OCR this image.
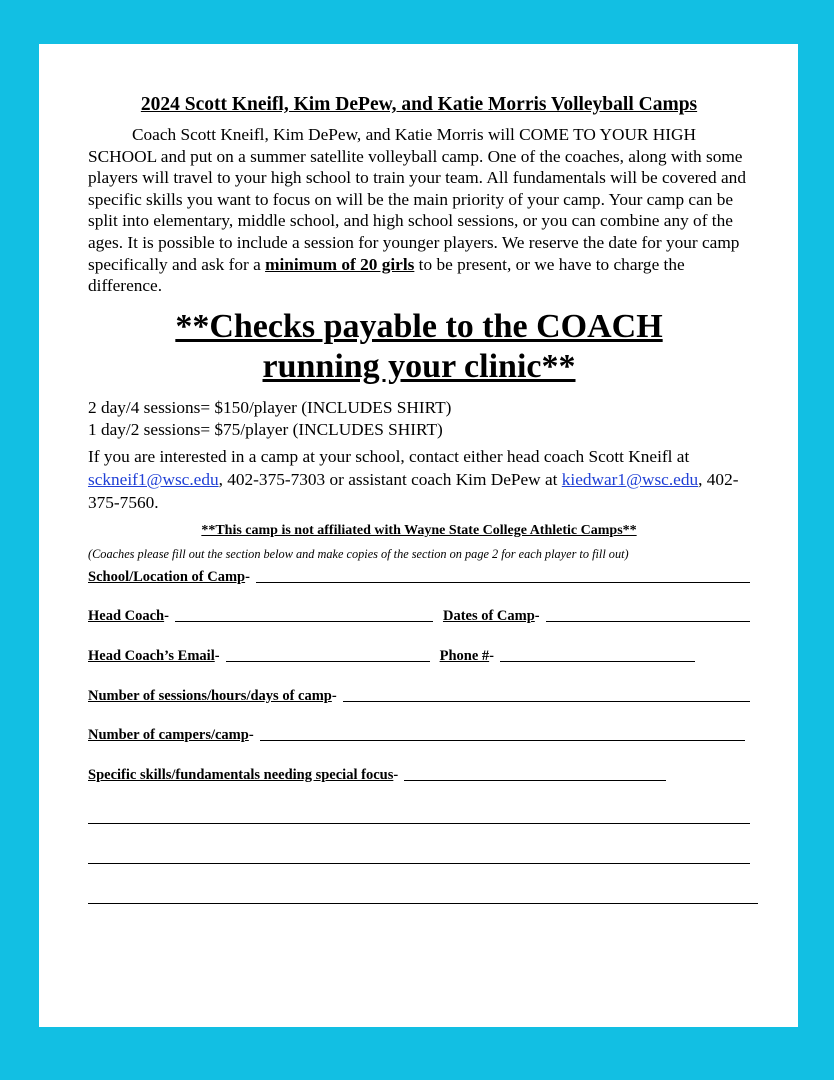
2024 Scott Kneifl, Kim DePew, and Katie Morris Volleyball Camps

Coach Scott Kneifl, Kim DePew, and Katie Morris will COME TO YOUR HIGH SCHOOL and put on a summer satellite volleyball camp. One of the coaches, along with some players will travel to your high school to train your team. All fundamentals will be covered and specific skills you want to focus on will be the main priority of your camp. Your camp can be split into elementary, middle school, and high school sessions, or you can combine any of the ages. It is possible to include a session for younger players. We reserve the date for your camp specifically and ask for a minimum of 20 girls to be present, or we have to charge the difference.

**Checks payable to the COACH
running your clinic**
2 day/4 sessions= $150/player (INCLUDES SHIRT)
1 day/2 sessions= $75/player (INCLUDES SHIRT)

If you are interested in a camp at your school, contact either head coach Scott Kneifl at sckneif1@wsc.edu, 402-375-7303 or assistant coach Kim DePew at kiedwar1@wsc.edu, 402-375-7560.

**This camp is not affiliated with Wayne State College Athletic Camps**
(Coaches please fill out the section below and make copies of the section on page 2 for each player to fill out)
School/Location of Camp -
Head Coach -	Dates of Camp -
Head Coach’s Email -	Phone # -
Number of sessions/hours/days of camp -
Number of campers/camp -
Specific skills/fundamentals needing special focus -
